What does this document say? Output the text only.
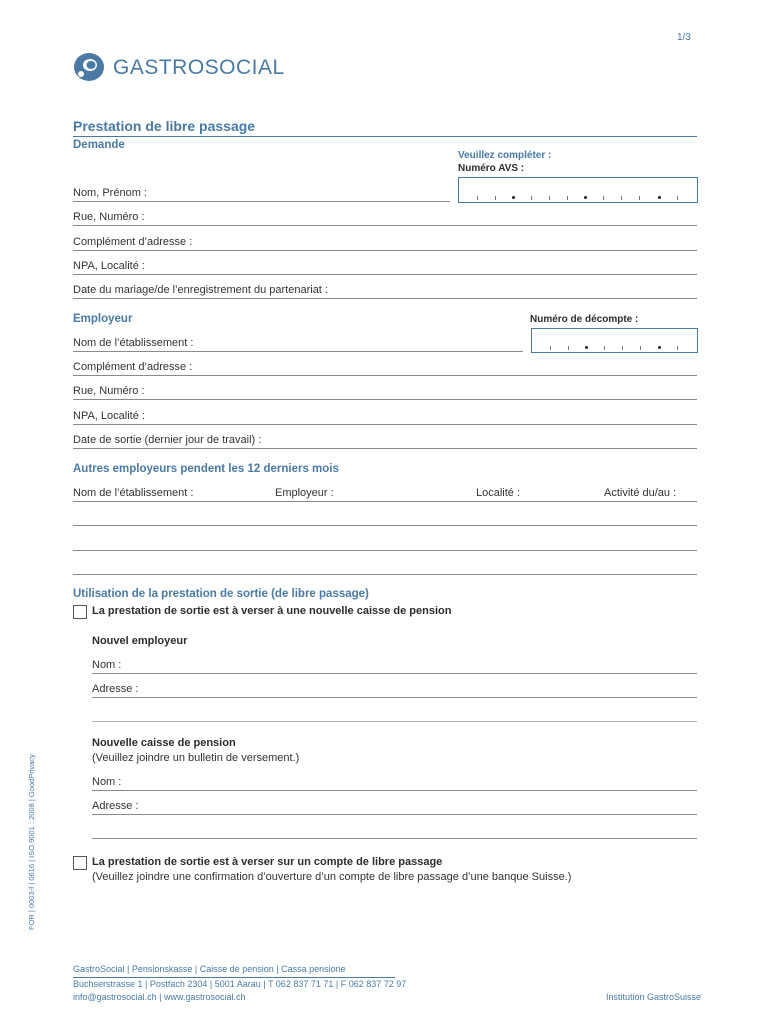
1/3
GASTROSOCIAL
Prestation de libre passage
Demande
Veuillez compléter :
Numéro AVS :
Nom, Prénom :
Rue, Numéro :
Complément d’adresse :
NPA, Localité :
Date du mariage/de l’enregistrement du partenariat :
Employeur	Numéro de décompte :
Nom de l’établissement :
Complément d’adresse :
Rue, Numéro :
NPA, Localité :
Date de sortie (dernier jour de travail) :
Autres employeurs pendent les 12 derniers mois
Nom de l’établissement :	Employeur :	Localité :	Activité du/au :
Utilisation de la prestation de sortie (de libre passage)
La prestation de sortie est à verser à une nouvelle caisse de pension
Nouvel employeur
Nom :
Adresse :
Nouvelle caisse de pension
(Veuillez joindre un bulletin de versement.)
Nom :
Adresse :
La prestation de sortie est à verser sur un compte de libre passage
(Veuillez joindre une confirmation d’ouverture d’un compte de libre passage d’une banque Suisse.)
FOR | 0003-f | 0616 | ISO 9001 : 2008 | GoodPrivacy
GastroSocial | Pensionskasse | Caisse de pension | Cassa pensione
Buchserstrasse 1 | Postfach 2304 | 5001 Aarau | T 062 837 71 71 | F 062 837 72 97
info@gastrosocial.ch | www.gastrosocial.ch	Institution GastroSuisse
